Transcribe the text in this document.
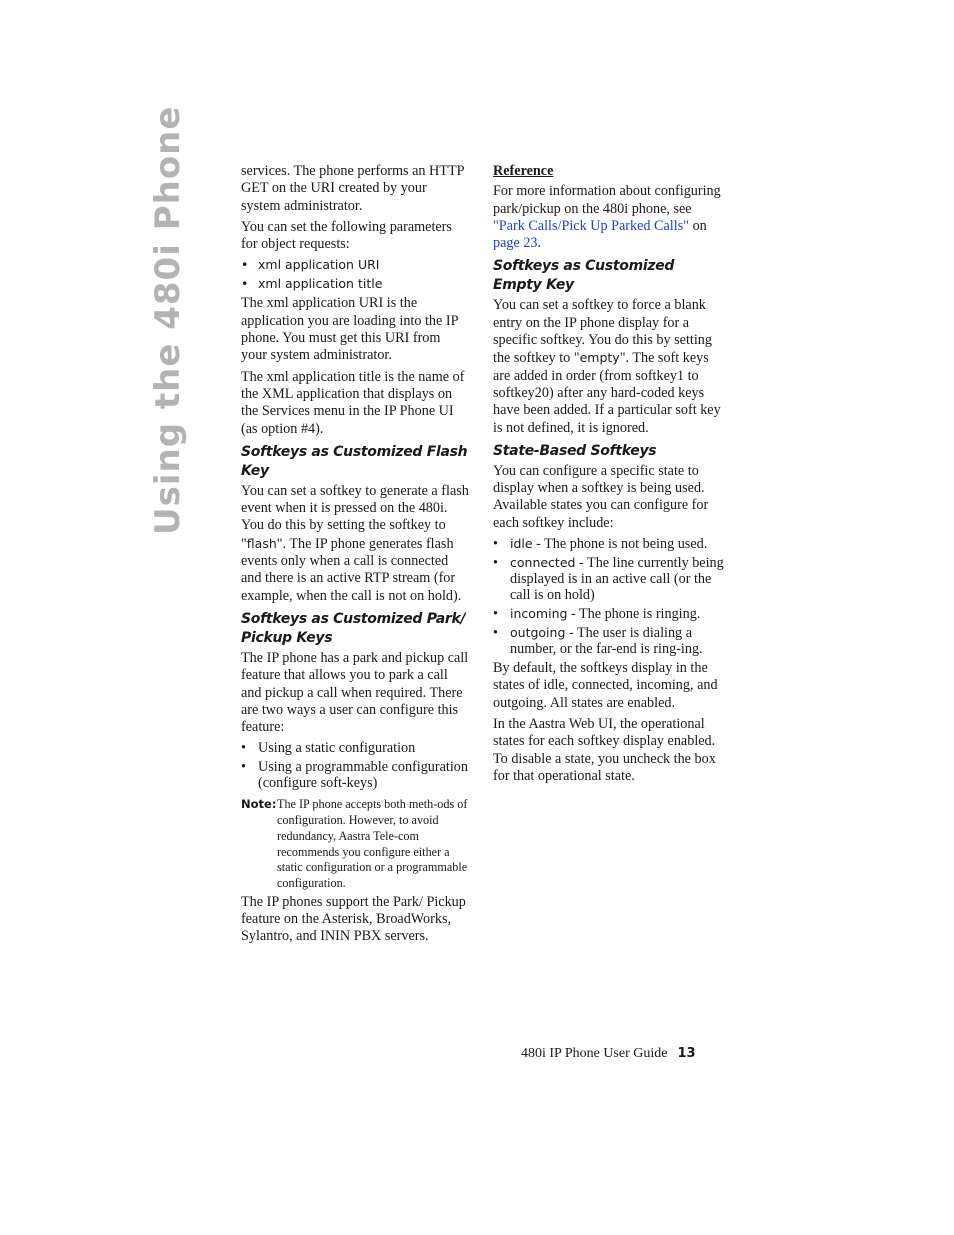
Using the 480i Phone	services. The phone performs an HTTP GET on the URI created by your system administrator.

You can set the following parameters for object requests:

• xml application URI
• xml application title

The xml application URI is the application you are loading into the IP phone. You must get this URI from your system administrator.

The xml application title is the name of the XML application that displays on the Services menu in the IP Phone UI (as option #4).

Softkeys as Customized Flash Key

You can set a softkey to generate a flash event when it is pressed on the 480i. You do this by setting the softkey to "flash". The IP phone generates flash events only when a call is connected and there is an active RTP stream (for example, when the call is not on hold).

Softkeys as Customized Park/ Pickup Keys

The IP phone has a park and pickup call feature that allows you to park a call and pickup a call when required. There are two ways a user can configure this feature:

• Using a static configuration
• Using a programmable configuration (configure soft-keys)

Note:The IP phone accepts both meth-ods of configuration. However, to avoid redundancy, Aastra Tele-com recommends you configure either a static configuration or a programmable configuration.

The IP phones support the Park/ Pickup feature on the Asterisk, BroadWorks, Sylantro, and ININ PBX servers.

Reference

For more information about configuring park/pickup on the 480i phone, see "Park Calls/Pick Up Parked Calls" on page 23.

Softkeys as Customized Empty Key

You can set a softkey to force a blank entry on the IP phone display for a specific softkey. You do this by setting the softkey to "empty". The soft keys are added in order (from softkey1 to softkey20) after any hard-coded keys have been added. If a particular soft key is not defined, it is ignored.

State-Based Softkeys

You can configure a specific state to display when a softkey is being used. Available states you can configure for each softkey include:

• idle - The phone is not being used.
• connected - The line currently being displayed is in an active call (or the call is on hold)
• incoming - The phone is ringing.
• outgoing - The user is dialing a number, or the far-end is ring-ing.

By default, the softkeys display in the states of idle, connected, incoming, and outgoing. All states are enabled.

In the Aastra Web UI, the operational states for each softkey display enabled. To disable a state, you uncheck the box for that operational state.

480i IP Phone User Guide 13
